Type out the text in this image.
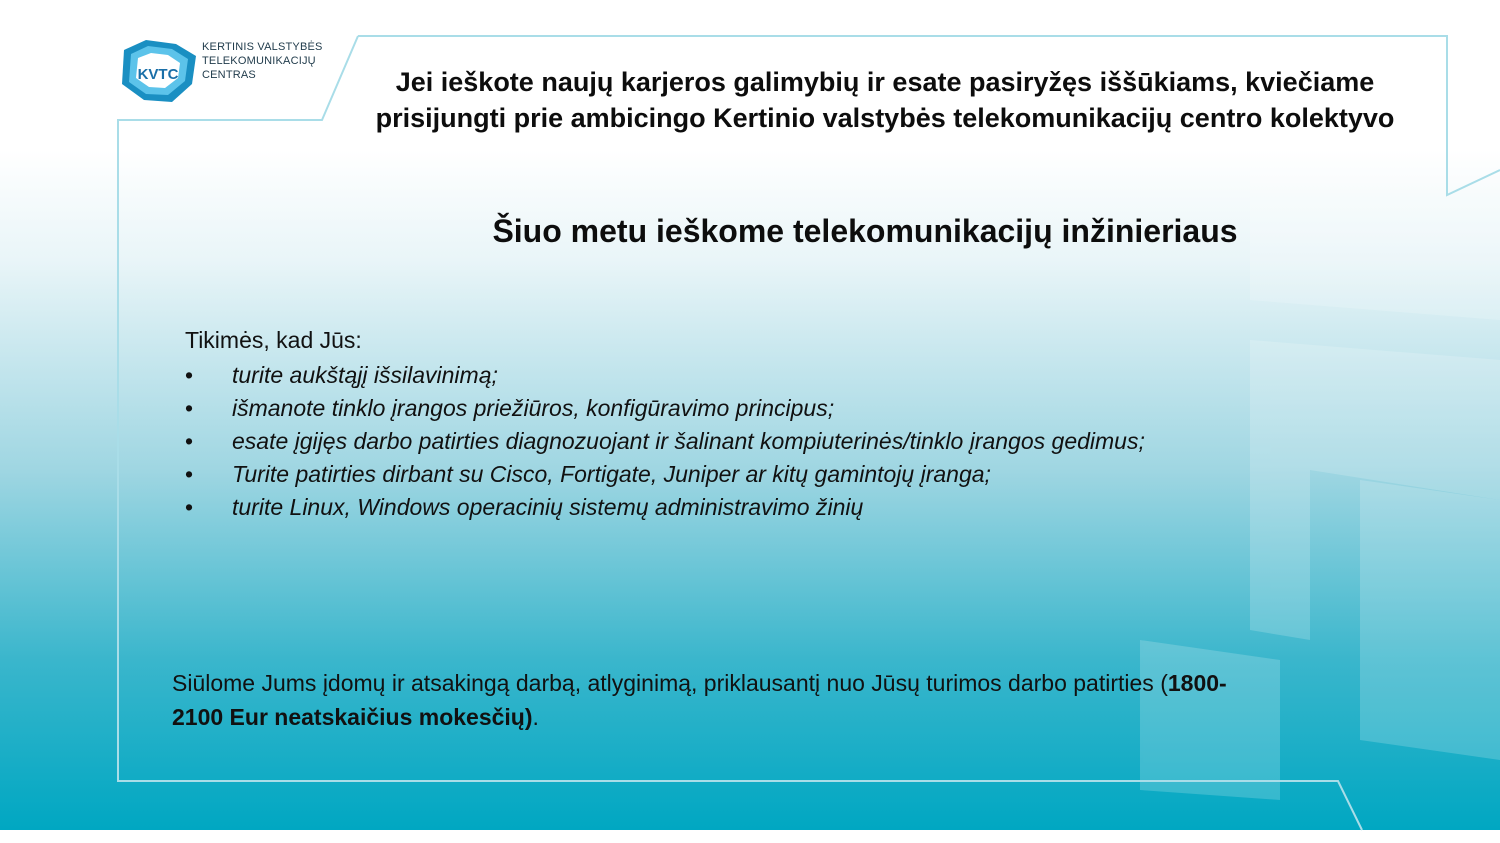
KVTC
KERTINIS VALSTYBĖS
TELEKOMUNIKACIJŲ
CENTRAS	Jei ieškote naujų karjeros galimybių ir esate pasiryžęs iššūkiams, kviečiame prisijungti prie ambicingo Kertinio valstybės telekomunikacijų centro kolektyvo
Šiuo metu ieškome telekomunikacijų inžinieriaus
Tikimės, kad Jūs:
• turite aukštąjį išsilavinimą;
• išmanote tinklo įrangos priežiūros, konfigūravimo principus;
• esate įgijęs darbo patirties diagnozuojant ir šalinant kompiuterinės/tinklo įrangos gedimus;
• Turite patirties dirbant su Cisco, Fortigate, Juniper ar kitų gamintojų įranga;
• turite Linux, Windows operacinių sistemų administravimo žinių
Siūlome Jums įdomų ir atsakingą darbą, atlyginimą, priklausantį nuo Jūsų turimos darbo patirties (1800-2100 Eur neatskaičius mokesčių).
